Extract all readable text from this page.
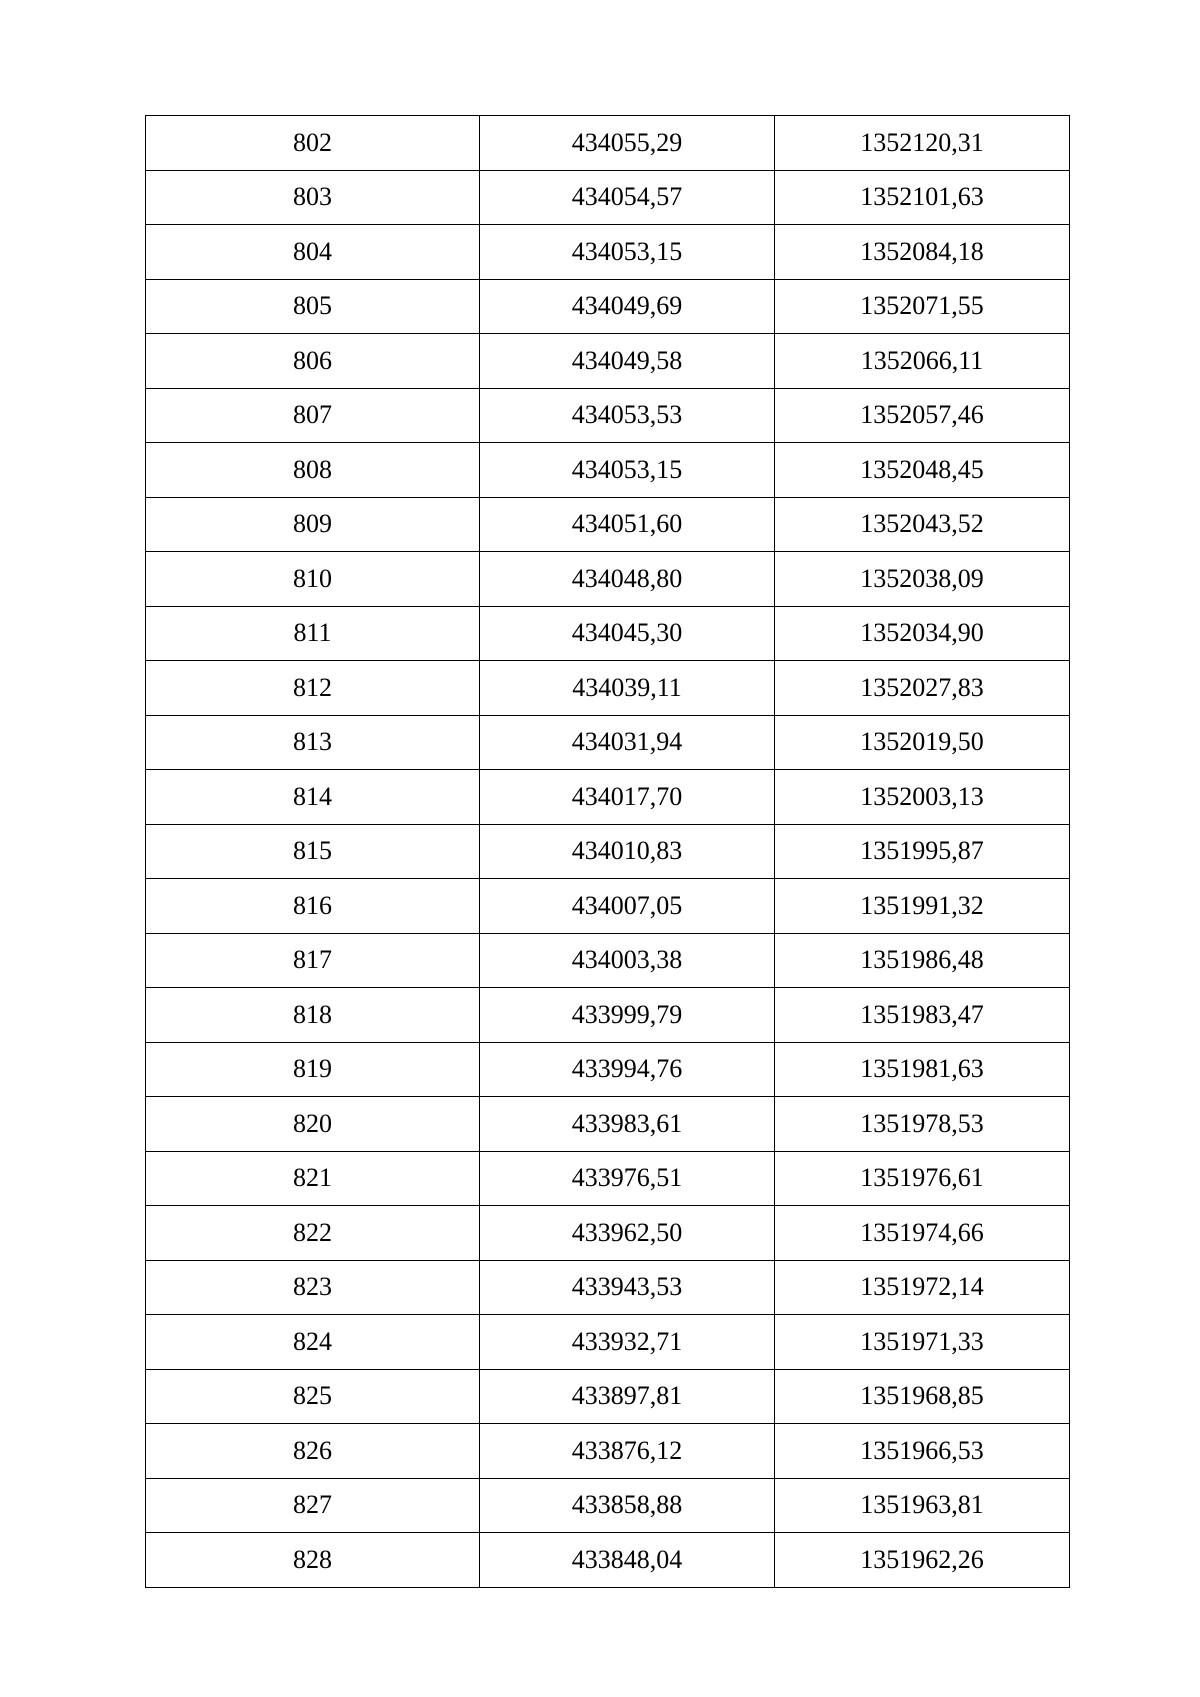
802	434055,29	1352120,31
803	434054,57	1352101,63
804	434053,15	1352084,18
805	434049,69	1352071,55
806	434049,58	1352066,11
807	434053,53	1352057,46
808	434053,15	1352048,45
809	434051,60	1352043,52
810	434048,80	1352038,09
811	434045,30	1352034,90
812	434039,11	1352027,83
813	434031,94	1352019,50
814	434017,70	1352003,13
815	434010,83	1351995,87
816	434007,05	1351991,32
817	434003,38	1351986,48
818	433999,79	1351983,47
819	433994,76	1351981,63
820	433983,61	1351978,53
821	433976,51	1351976,61
822	433962,50	1351974,66
823	433943,53	1351972,14
824	433932,71	1351971,33
825	433897,81	1351968,85
826	433876,12	1351966,53
827	433858,88	1351963,81
828	433848,04	1351962,26
